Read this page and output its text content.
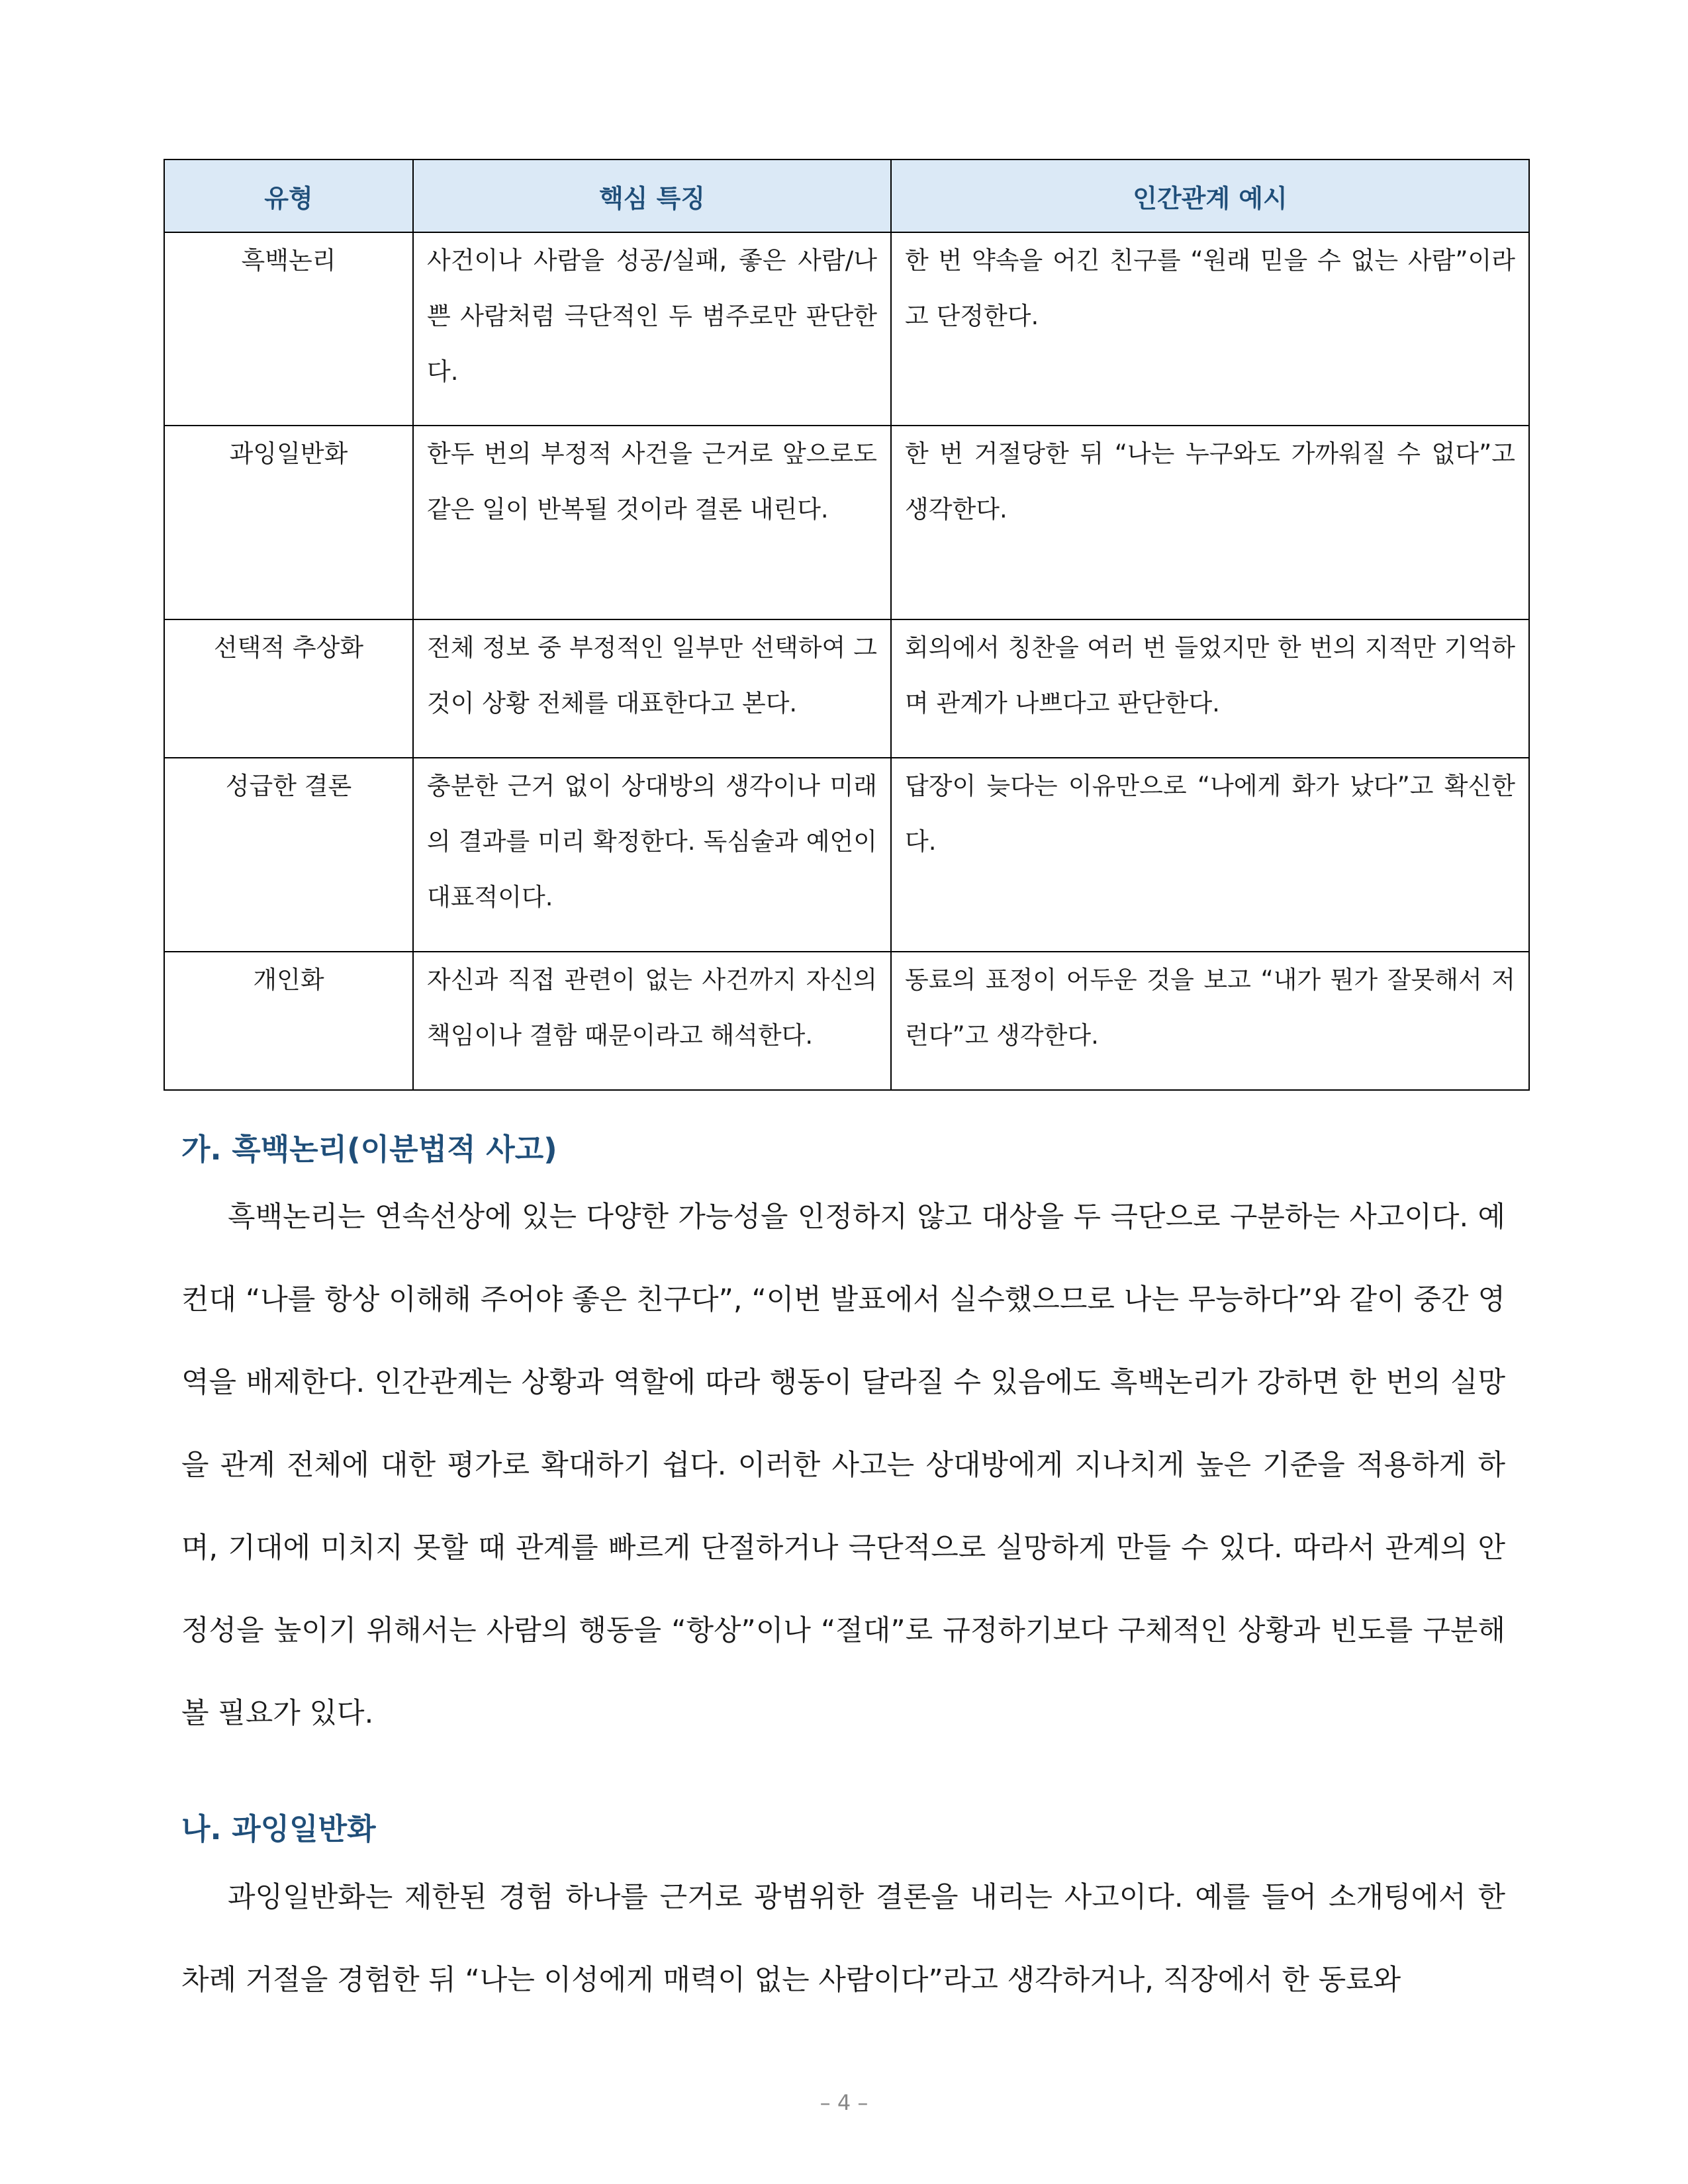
유형	핵심 특징	인간관계 예시
흑백논리	사건이나 사람을 성공/실패, 좋은 사람/나쁜 사람처럼 극단적인 두 범주로만 판단한다.	한 번 약속을 어긴 친구를 “원래 믿을 수 없는 사람”이라고 단정한다.
과잉일반화	한두 번의 부정적 사건을 근거로 앞으로도 같은 일이 반복될 것이라 결론 내린다.	한 번 거절당한 뒤 “나는 누구와도 가까워질 수 없다”고 생각한다.
선택적 추상화	전체 정보 중 부정적인 일부만 선택하여 그것이 상황 전체를 대표한다고 본다.	회의에서 칭찬을 여러 번 들었지만 한 번의 지적만 기억하며 관계가 나쁘다고 판단한다.
성급한 결론	충분한 근거 없이 상대방의 생각이나 미래의 결과를 미리 확정한다. 독심술과 예언이 대표적이다.	답장이 늦다는 이유만으로 “나에게 화가 났다”고 확신한다.
개인화	자신과 직접 관련이 없는 사건까지 자신의 책임이나 결함 때문이라고 해석한다.	동료의 표정이 어두운 것을 보고 “내가 뭔가 잘못해서 저런다”고 생각한다.
가. 흑백논리(이분법적 사고)

흑백논리는 연속선상에 있는 다양한 가능성을 인정하지 않고 대상을 두 극단으로 구분하는 사고이다. 예컨대 “나를 항상 이해해 주어야 좋은 친구다”, “이번 발표에서 실수했으므로 나는 무능하다”와 같이 중간 영역을 배제한다. 인간관계는 상황과 역할에 따라 행동이 달라질 수 있음에도 흑백논리가 강하면 한 번의 실망을 관계 전체에 대한 평가로 확대하기 쉽다. 이러한 사고는 상대방에게 지나치게 높은 기준을 적용하게 하며, 기대에 미치지 못할 때 관계를 빠르게 단절하거나 극단적으로 실망하게 만들 수 있다. 따라서 관계의 안정성을 높이기 위해서는 사람의 행동을 “항상”이나 “절대”로 규정하기보다 구체적인 상황과 빈도를 구분해 볼 필요가 있다.

나. 과잉일반화

과잉일반화는 제한된 경험 하나를 근거로 광범위한 결론을 내리는 사고이다. 예를 들어 소개팅에서 한 차례 거절을 경험한 뒤 “나는 이성에게 매력이 없는 사람이다”라고 생각하거나, 직장에서 한 동료와

– 4 –
